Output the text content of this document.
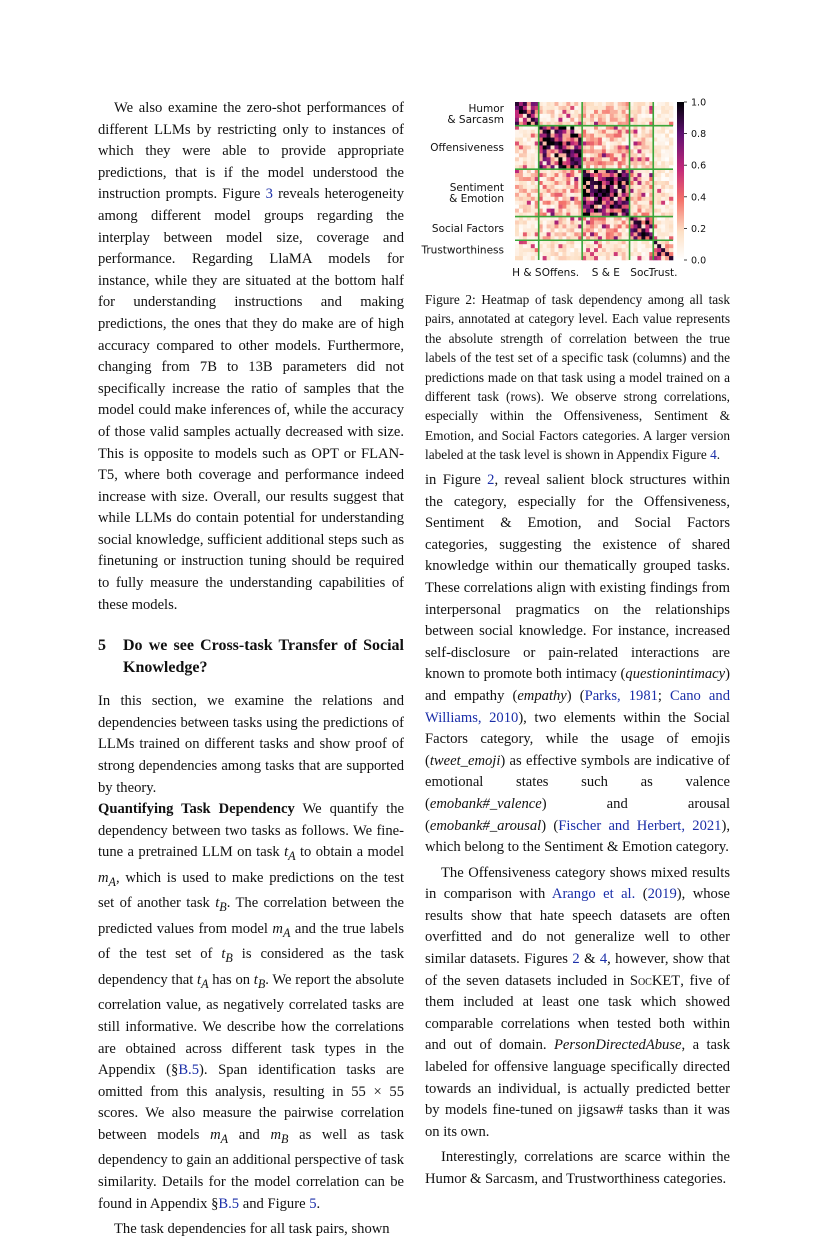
Humor & Sarcasm
Offensiveness
Sentiment & Emotion
Social Factors
Trustworthiness
H & S Offens. S & E Soc.
Trust.
1.0
0.8
0.6
0.4
0.2
0.0
Figure 2: Heatmap of task dependency among all task pairs, annotated at category level. Each value represents the absolute strength of correlation between the true labels of the test set of a specific task (columns) and the predictions made on that task using a model trained on a different task (rows). We observe strong correlations, especially within the Offensiveness, Sentiment & Emotion, and Social Factors categories. A larger version labeled at the task level is shown in Appendix Figure 4.

We also examine the zero-shot performances of different LLMs by restricting only to instances of which they were able to provide appropriate predictions, that is if the model understood the instruction prompts. Figure 3 reveals heterogeneity among different model groups regarding the interplay between model size, coverage and performance. Regarding LlaMA models for instance, while they are situated at the bottom half for understanding instructions and making predictions, the ones that they do make are of high accuracy compared to other models. Furthermore, changing from 7B to 13B parameters did not specifically increase the ratio of samples that the model could make inferences of, while the accuracy of those valid samples actually decreased with size. This is opposite to models such as OPT or FLAN-T5, where both coverage and performance indeed increase with size. Overall, our results suggest that while LLMs do contain potential for understanding social knowledge, sufficient additional steps such as finetuning or instruction tuning should be required to fully measure the understanding capabilities of these models.

5	Do we see Cross-task Transfer of Social Knowledge?

In this section, we examine the relations and dependencies between tasks using the predictions of LLMs trained on different tasks and show proof of strong dependencies among tasks that are supported by theory.

Quantifying Task Dependency We quantify the dependency between two tasks as follows. We fine-tune a pretrained LLM on task $t_A$ to obtain a model $m_A$, which is used to make predictions on the test set of another task $t_B$. The correlation between the predicted values from model $m_A$ and the true labels of the test set of $t_B$ is considered as the task dependency that $t_A$ has on $t_B$. We report the absolute correlation value, as negatively correlated tasks are still informative. We describe how the correlations are obtained across different task types in the Appendix (§B.5). Span identification tasks are omitted from this analysis, resulting in 55 × 55 scores. We also measure the pairwise correlation between models $m_A$ and $m_B$ as well as task dependency to gain an additional perspective of task similarity. Details for the model correlation can be found in Appendix §B.5 and Figure 5.

The task dependencies for all task pairs, shown

in Figure 2, reveal salient block structures within the category, especially for the Offensiveness, Sentiment & Emotion, and Social Factors categories, suggesting the existence of shared knowledge within our thematically grouped tasks. These correlations align with existing findings from interpersonal pragmatics on the relationships between social knowledge. For instance, increased self-disclosure or pain-related interactions are known to promote both intimacy (questionintimacy) and empathy (empathy) (Parks, 1981; Cano and Williams, 2010), two elements within the Social Factors category, while the usage of emojis (tweet_emoji) as effective symbols are indicative of emotional states such as valence (emobank#_valence) and arousal (emobank#_arousal) (Fischer and Herbert, 2021), which belong to the Sentiment & Emotion category.

The Offensiveness category shows mixed results in comparison with Arango et al. (2019), whose results show that hate speech datasets are often overfitted and do not generalize well to other similar datasets. Figures 2 & 4, however, show that of the seven datasets included in SocKET, five of them included at least one task which showed comparable correlations when tested both within and out of domain. PersonDirectedAbuse, a task labeled for offensive language specifically directed towards an individual, is actually predicted better by models fine-tuned on jigsaw# tasks than it was on its own.

Interestingly, correlations are scarce within the Humor & Sarcasm, and Trustworthiness categories.
